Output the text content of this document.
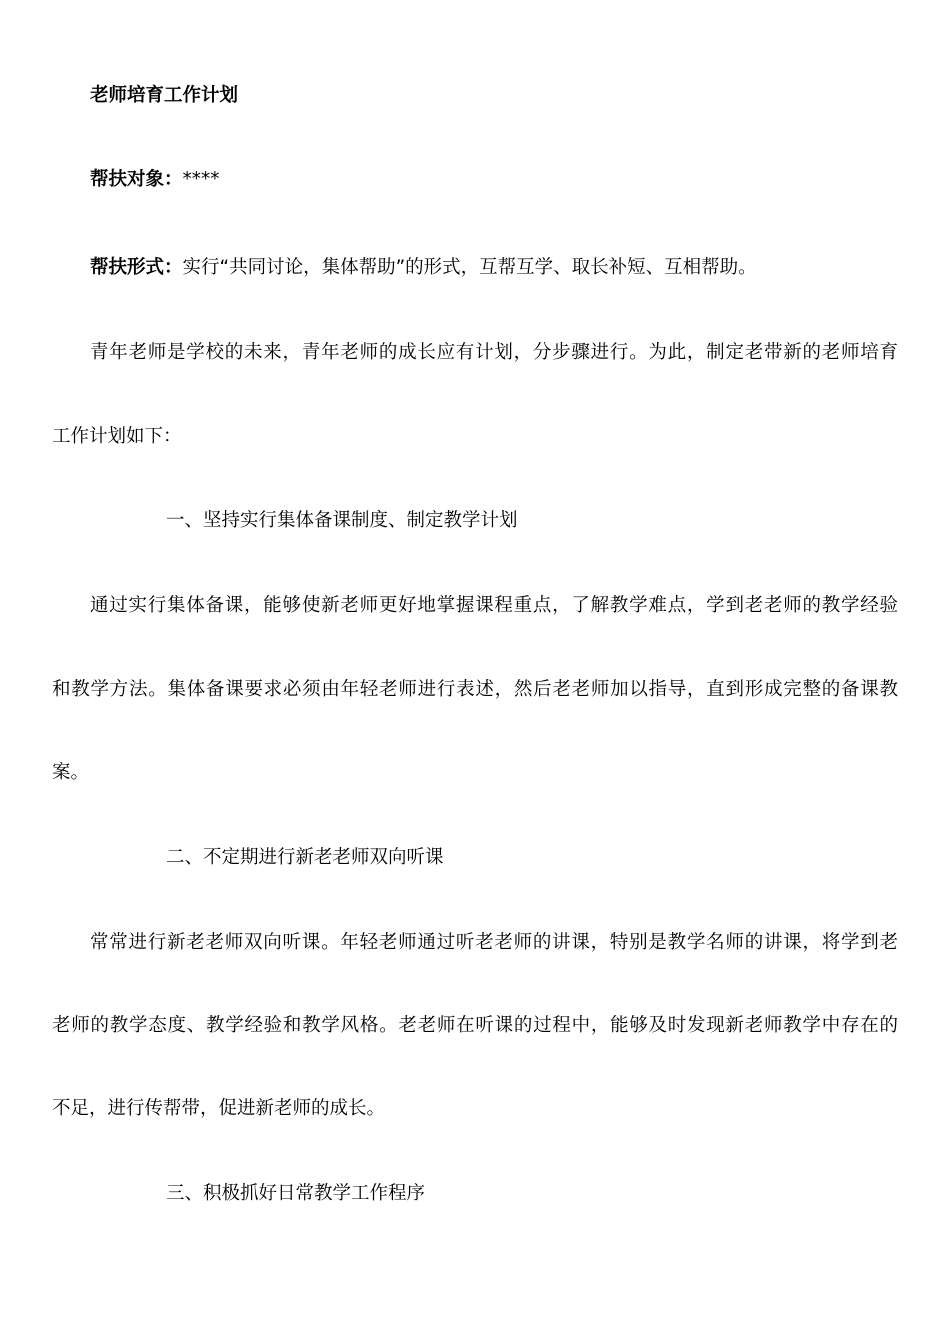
老师培育工作计划
帮扶对象：****
帮扶形式：实行“共同讨论，集体帮助”的形式，互帮互学、取长补短、互相帮助。
青年老师是学校的未来，青年老师的成长应有计划，分步骤进行。为此，制定老带新的老师培育
工作计划如下：
一、坚持实行集体备课制度、制定教学计划
通过实行集体备课，能够使新老师更好地掌握课程重点，了解教学难点，学到老老师的教学经验
和教学方法。集体备课要求必须由年轻老师进行表述，然后老老师加以指导，直到形成完整的备课教
案。
二、不定期进行新老老师双向听课
常常进行新老老师双向听课。年轻老师通过听老老师的讲课，特别是教学名师的讲课，将学到老
老师的教学态度、教学经验和教学风格。老老师在听课的过程中，能够及时发现新老师教学中存在的
不足，进行传帮带，促进新老师的成长。
三、积极抓好日常教学工作程序
